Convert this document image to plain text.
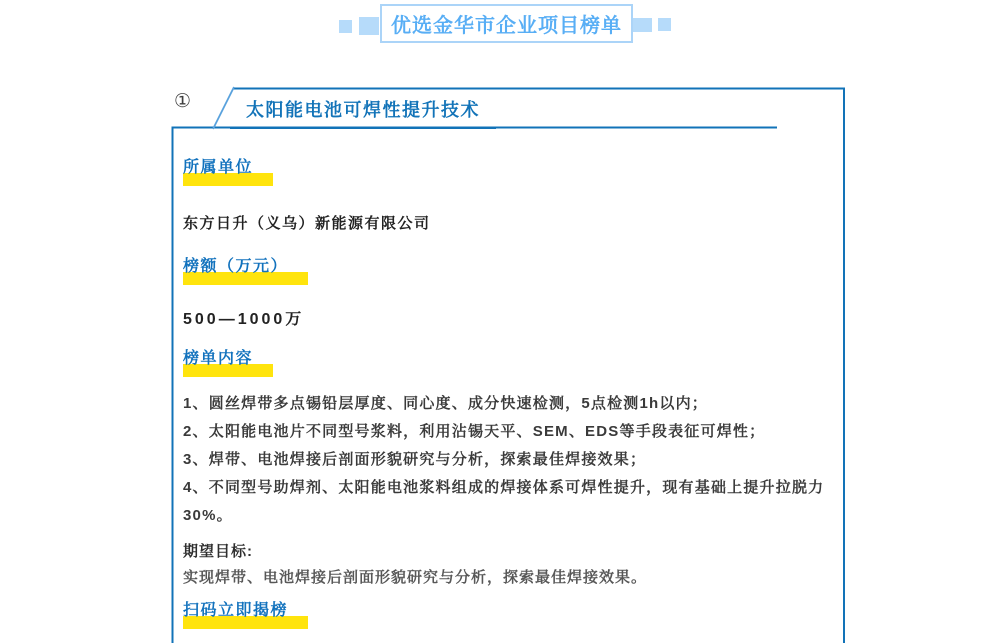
优选金华市企业项目榜单
①	太阳能电池可焊性提升技术
所属单位

东方日升（义乌）新能源有限公司

榜额（万元）

500—1000万

榜单内容

1、圆丝焊带多点锡铅层厚度、同心度、成分快速检测，5点检测1h以内；

2、太阳能电池片不同型号浆料，利用沾锡天平、SEM、EDS等手段表征可焊性；

3、焊带、电池焊接后剖面形貌研究与分析，探索最佳焊接效果；

4、不同型号助焊剂、太阳能电池浆料组成的焊接体系可焊性提升，现有基础上提升拉脱力30%。

期望目标:

实现焊带、电池焊接后剖面形貌研究与分析，探索最佳焊接效果。

扫码立即揭榜
